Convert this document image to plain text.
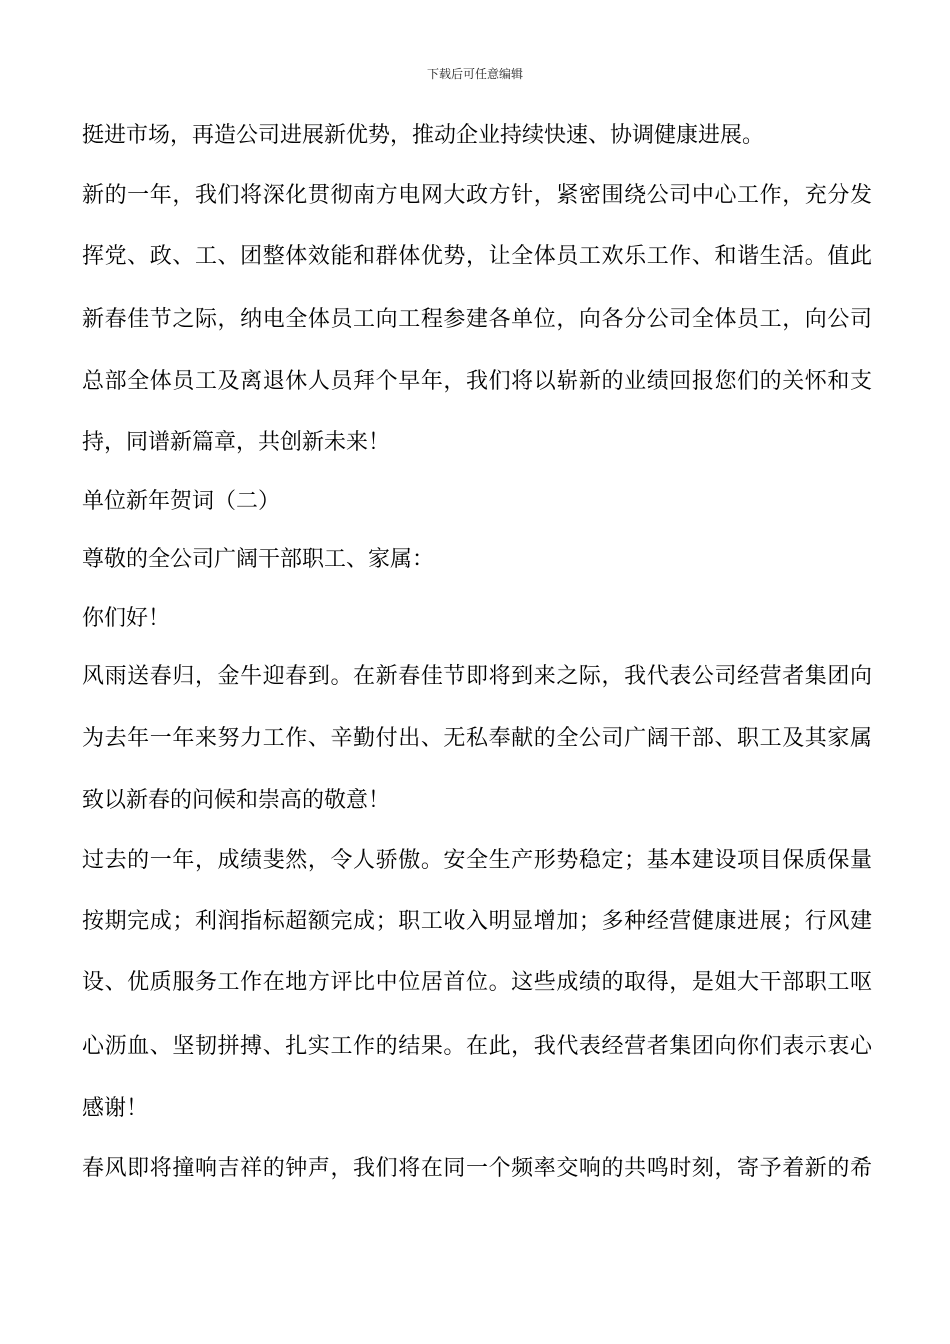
下载后可任意编辑
挺进市场，再造公司进展新优势，推动企业持续快速、协调健康进展。
新的一年，我们将深化贯彻南方电网大政方针，紧密围绕公司中心工作，充分发
挥党、政、工、团整体效能和群体优势，让全体员工欢乐工作、和谐生活。值此
新春佳节之际，纳电全体员工向工程参建各单位，向各分公司全体员工，向公司
总部全体员工及离退休人员拜个早年，我们将以崭新的业绩回报您们的关怀和支
持，同谱新篇章，共创新未来！
单位新年贺词（二）
尊敬的全公司广阔干部职工、家属：
你们好！
风雨送春归，金牛迎春到。在新春佳节即将到来之际，我代表公司经营者集团向
为去年一年来努力工作、辛勤付出、无私奉献的全公司广阔干部、职工及其家属
致以新春的问候和崇高的敬意！
过去的一年，成绩斐然，令人骄傲。安全生产形势稳定；基本建设项目保质保量
按期完成；利润指标超额完成；职工收入明显增加；多种经营健康进展；行风建
设、优质服务工作在地方评比中位居首位。这些成绩的取得，是姐大干部职工呕
心沥血、坚韧拼搏、扎实工作的结果。在此，我代表经营者集团向你们表示衷心
感谢！
春风即将撞响吉祥的钟声，我们将在同一个频率交响的共鸣时刻，寄予着新的希
